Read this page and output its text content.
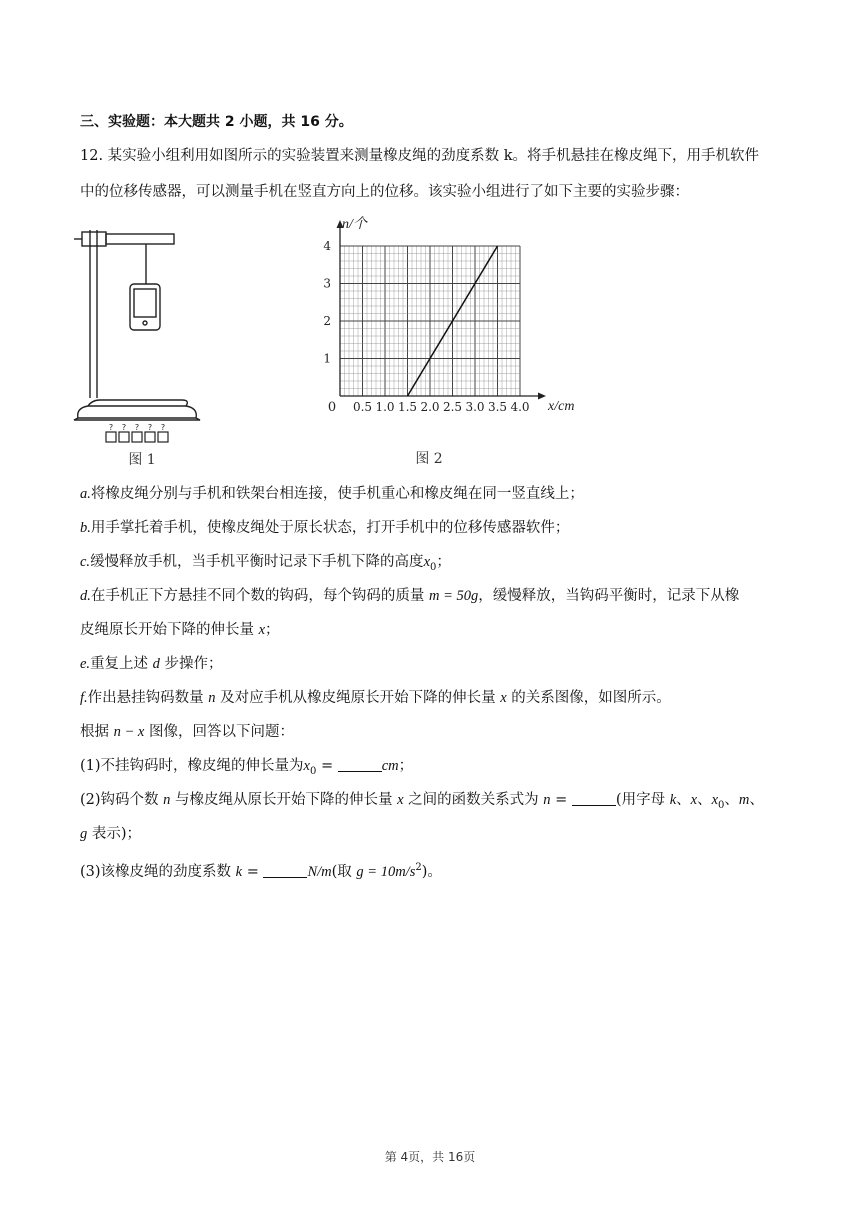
三、实验题：本大题共 2 小题，共 16 分。
12. 某实验小组利用如图所示的实验装置来测量橡皮绳的劲度系数 k。将手机悬挂在橡皮绳下，用手机软件
中的位移传感器，可以测量手机在竖直方向上的位移。该实验小组进行了如下主要的实验步骤：
? ? ? ? ?
图 1
n/个
x/cm
0 0.5 1.0 1.5 2.0 2.5 3.0 3.5 4.0
1
2
3
4
图 2
a.将橡皮绳分别与手机和铁架台相连接，使手机重心和橡皮绳在同一竖直线上；
b.用手掌托着手机，使橡皮绳处于原长状态，打开手机中的位移传感器软件；
c.缓慢释放手机，当手机平衡时记录下手机下降的高度$x_0$；
d.在手机正下方悬挂不同个数的钩码，每个钩码的质量 m = 50g，缓慢释放，当钩码平衡时，记录下从橡
皮绳原长开始下降的伸长量 x；
e.重复上述 d 步操作；
f.作出悬挂钩码数量 n 及对应手机从橡皮绳原长开始下降的伸长量 x 的关系图像，如图所示。
根据 n − x 图像，回答以下问题：
(1)不挂钩码时，橡皮绳的伸长量为$x_0$ =	cm；
(2)钩码个数 n 与橡皮绳从原长开始下降的伸长量 x 之间的函数关系式为 n =	(用字母 k、x、$x_0$、m、
g 表示)；
(3)该橡皮绳的劲度系数 k =	N/m(取 $g = 10m/s^2$)。
第 4页，共 16页
